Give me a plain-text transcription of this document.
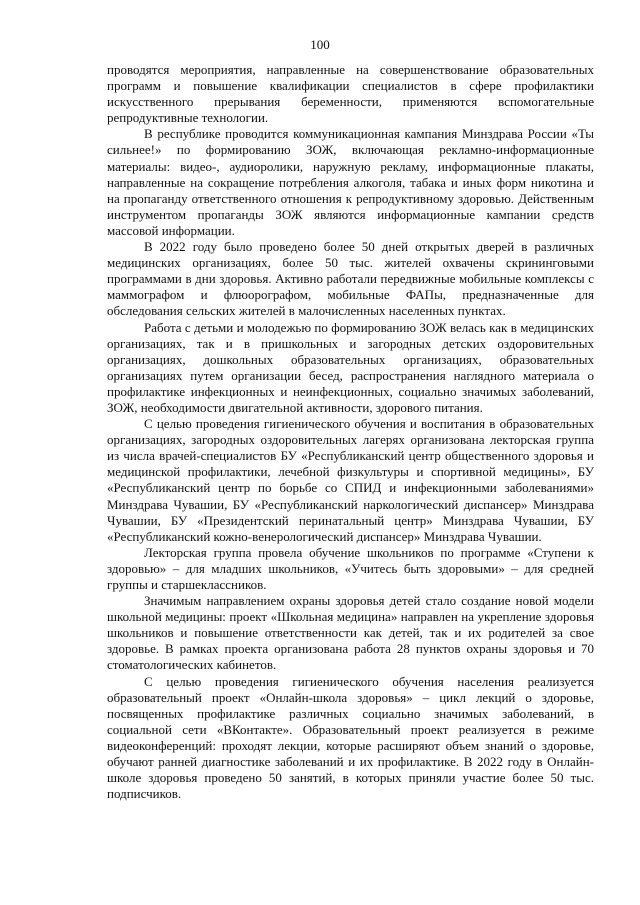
100

проводятся мероприятия, направленные на совершенствование образовательных программ и повышение квалификации специалистов в сфере профилактики искусственного прерывания беременности, применяются вспомогательные репродуктивные технологии.

В республике проводится коммуникационная кампания Минздрава России «Ты сильнее!» по формированию ЗОЖ, включающая рекламно-информационные материалы: видео-, аудиоролики, наружную рекламу, информационные плакаты, направленные на сокращение потребления алкоголя, табака и иных форм никотина и на пропаганду ответственного отношения к репродуктивному здоровью. Действенным инструментом пропаганды ЗОЖ являются информационные кампании средств массовой информации.

В 2022 году было проведено более 50 дней открытых дверей в различных медицинских организациях, более 50 тыс. жителей охвачены скрининговыми программами в дни здоровья. Активно работали передвижные мобильные комплексы с маммографом и флюорографом, мобильные ФАПы, предназначенные для обследования сельских жителей в малочисленных населенных пунктах.

Работа с детьми и молодежью по формированию ЗОЖ велась как в медицинских организациях, так и в пришкольных и загородных детских оздоровительных организациях, дошкольных образовательных организациях, образовательных организациях путем организации бесед, распространения наглядного материала о профилактике инфекционных и неинфекционных, социально значимых заболеваний, ЗОЖ, необходимости двигательной активности, здорового питания.

С целью проведения гигиенического обучения и воспитания в образовательных организациях, загородных оздоровительных лагерях организована лекторская группа из числа врачей-специалистов БУ «Республиканский центр общественного здоровья и медицинской профилактики, лечебной физкультуры и спортивной медицины», БУ «Республиканский центр по борьбе со СПИД и инфекционными заболеваниями» Минздрава Чувашии, БУ «Республиканский наркологический диспансер» Минздрава Чувашии, БУ «Президентский перинатальный центр» Минздрава Чувашии, БУ «Республиканский кожно-венерологический диспансер» Минздрава Чувашии.

Лекторская группа провела обучение школьников по программе «Ступени к здоровью» – для младших школьников, «Учитесь быть здоровыми» – для средней группы и старшеклассников.

Значимым направлением охраны здоровья детей стало создание новой модели школьной медицины: проект «Школьная медицина» направлен на укрепление здоровья школьников и повышение ответственности как детей, так и их родителей за свое здоровье. В рамках проекта организована работа 28 пунктов охраны здоровья и 70 стоматологических кабинетов.

С целью проведения гигиенического обучения населения реализуется образовательный проект «Онлайн-школа здоровья» – цикл лекций о здоровье, посвященных профилактике различных социально значимых заболеваний, в социальной сети «ВКонтакте». Образовательный проект реализуется в режиме видеоконференций: проходят лекции, которые расширяют объем знаний о здоровье, обучают ранней диагностике заболеваний и их профилактике. В 2022 году в Онлайн-школе здоровья проведено 50 занятий, в которых приняли участие более 50 тыс. подписчиков.
